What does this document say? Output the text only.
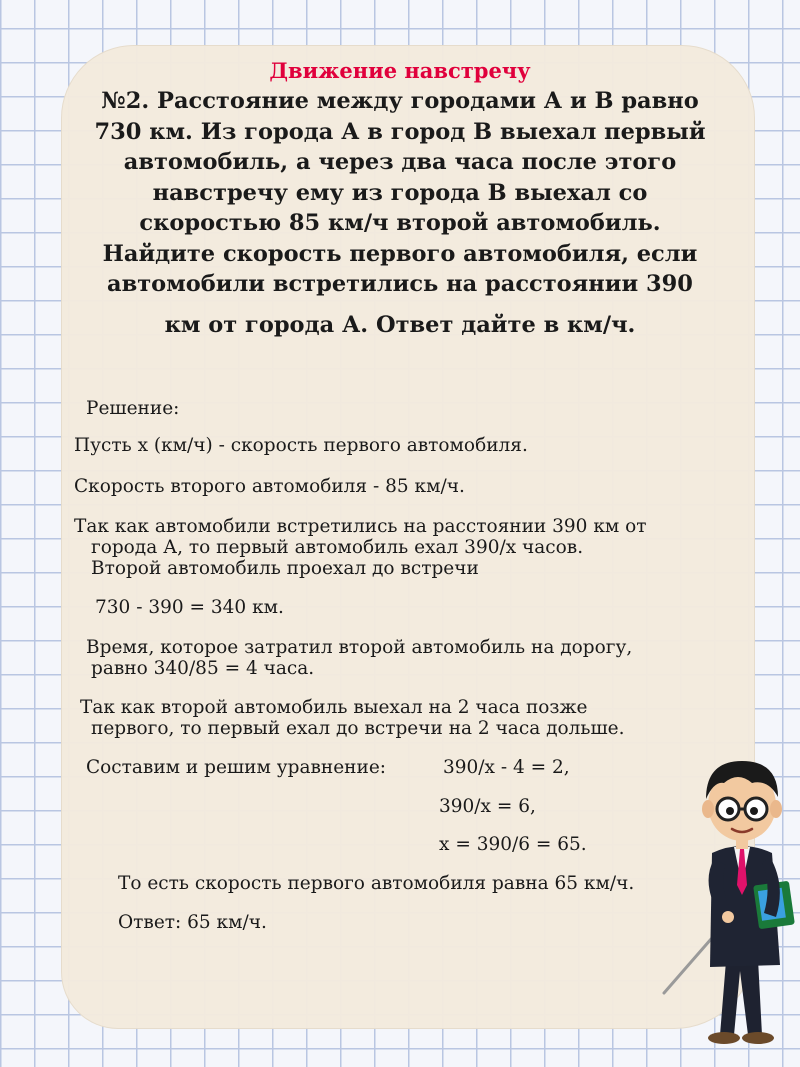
Движение навстречу
№2. Расстояние между городами А и В равно
730 км. Из города А в город В выехал первый
автомобиль, а через два часа после этого
навстречу ему из города В выехал со
скоростью 85 км/ч второй автомобиль.
Найдите скорость первого автомобиля, если
автомобили встретились на расстоянии 390
км от города А. Ответ дайте в км/ч.
Решение:
Пусть х (км/ч) - скорость первого автомобиля.
Скорость второго автомобиля - 85 км/ч.
Так как автомобили встретились на расстоянии 390 км от
города А, то первый автомобиль ехал 390/х часов.
Второй автомобиль проехал до встречи
730 - 390 = 340 км.
Время, которое затратил второй автомобиль на дорогу,
равно 340/85 = 4 часа.
Так как второй автомобиль выехал на 2 часа позже
первого, то первый ехал до встречи на 2 часа дольше.
Составим и решим уравнение:	390/х - 4 = 2,
390/х = 6,
х = 390/6 = 65.
То есть скорость первого автомобиля равна 65 км/ч.
Ответ: 65 км/ч.
